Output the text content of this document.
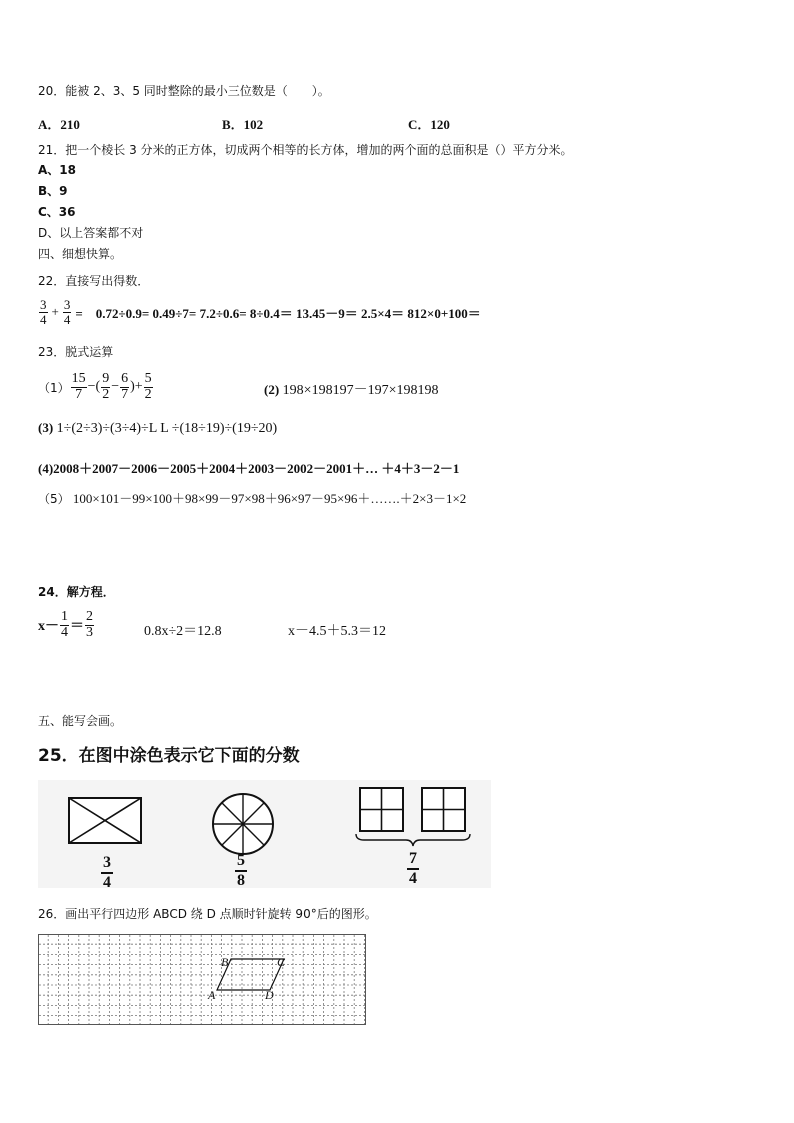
20．能被 2、3、5 同时整除的最小三位数是（　　）。
A．210	B．102	C．120
21．把一个棱长 3 分米的正方体，切成两个相等的长方体，增加的两个面的总面积是（）平方分米。
A、18
B、9
C、36
D、以上答案都不对
四、细想快算。
22．直接写出得数．
$\frac{3}{4} + \frac{3}{4}$ =　0.72÷0.9= 0.49÷7= 7.2÷0.6= 8÷0.4＝ 13.45－9＝ 2.5×4＝ 812×0+100＝
23．脱式运算
$(1) \frac{15}{7}$ −( $\frac{9}{2} - \frac{6}{7}$ )+ $\frac{5}{2}$	(2) 198×198197－197×198198
(3) 1÷(2÷3)÷(3÷4)÷L L ÷(18÷19)÷(19÷20)
(4)2008＋2007－2006－2005＋2004＋2003－2002－2001＋… ＋4＋3－2－1
（5） 100×101－99×100＋98×99－97×98＋96×97－95×96＋…….＋2×3－1×2
24．解方程．
$x- \frac{1}{4} = \frac{2}{3}$	0.8x÷2＝12.8	x－4.5＋5.3＝12
五、能写会画。
25．在图中涂色表示它下面的分数
$\frac{3}{4}$	$\frac{5}{8}$	$\frac{7}{4}$
26．画出平行四边形 ABCD 绕 D 点顺时针旋转 90°后的图形。
B	C
A	D
